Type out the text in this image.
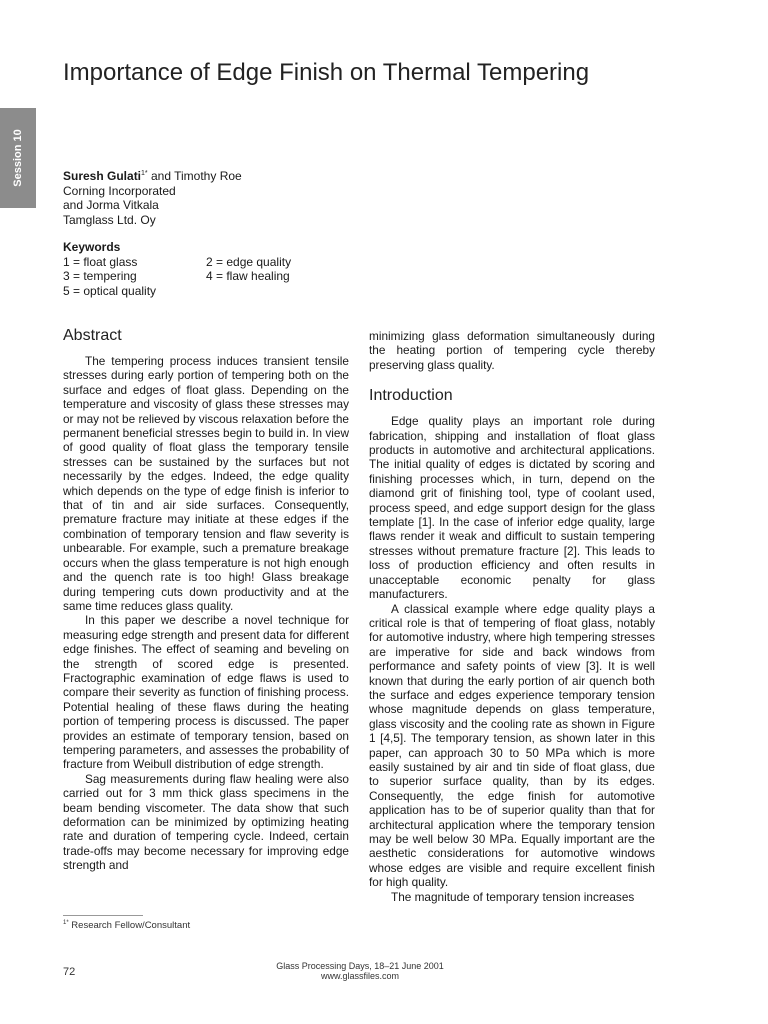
Session 10
Importance of Edge Finish on Thermal Tempering
Suresh Gulati$^{1*}$ and Timothy Roe
Corning Incorporated
and Jorma Vitkala
Tamglass Ltd. Oy
Keywords
1 = float glass	2 = edge quality
3 = tempering	4 = flaw healing
5 = optical quality
Abstract

The tempering process induces transient tensile stresses during early portion of tempering both on the surface and edges of float glass. Depending on the temperature and viscosity of glass these stresses may or may not be relieved by viscous relaxation before the permanent beneficial stresses begin to build in. In view of good quality of float glass the temporary tensile stresses can be sustained by the surfaces but not necessarily by the edges. Indeed, the edge quality which depends on the type of edge finish is inferior to that of tin and air side surfaces. Consequently, premature fracture may initiate at these edges if the combination of temporary tension and flaw severity is unbearable. For example, such a premature breakage occurs when the glass temperature is not high enough and the quench rate is too high! Glass breakage during tempering cuts down productivity and at the same time reduces glass quality.

In this paper we describe a novel technique for measuring edge strength and present data for different edge finishes. The effect of seaming and beveling on the strength of scored edge is presented. Fractographic examination of edge flaws is used to compare their severity as function of finishing process. Potential healing of these flaws during the heating portion of tempering process is discussed. The paper provides an estimate of temporary tension, based on tempering parameters, and assesses the probability of fracture from Weibull distribution of edge strength.

Sag measurements during flaw healing were also carried out for 3 mm thick glass specimens in the beam bending viscometer. The data show that such deformation can be minimized by optimizing heating rate and duration of tempering cycle. Indeed, certain trade-offs may become necessary for improving edge strength and

minimizing glass deformation simultaneously during the heating portion of tempering cycle thereby preserving glass quality.

Introduction

Edge quality plays an important role during fabrication, shipping and installation of float glass products in automotive and architectural applications. The initial quality of edges is dictated by scoring and finishing processes which, in turn, depend on the diamond grit of finishing tool, type of coolant used, process speed, and edge support design for the glass template [1]. In the case of inferior edge quality, large flaws render it weak and difficult to sustain tempering stresses without premature fracture [2]. This leads to loss of production efficiency and often results in unacceptable economic penalty for glass manufacturers.

A classical example where edge quality plays a critical role is that of tempering of float glass, notably for automotive industry, where high tempering stresses are imperative for side and back windows from performance and safety points of view [3]. It is well known that during the early portion of air quench both the surface and edges experience temporary tension whose magnitude depends on glass temperature, glass viscosity and the cooling rate as shown in Figure 1 [4,5]. The temporary tension, as shown later in this paper, can approach 30 to 50 MPa which is more easily sustained by air and tin side of float glass, due to superior surface quality, than by its edges. Consequently, the edge finish for automotive application has to be of superior quality than that for architectural application where the temporary tension may be well below 30 MPa. Equally important are the aesthetic considerations for automotive windows whose edges are visible and require excellent finish for high quality.

The magnitude of temporary tension increases

$^{1*}$ Research Fellow/Consultant
72	Glass Processing Days, 18–21 June 2001
www.glassfiles.com
